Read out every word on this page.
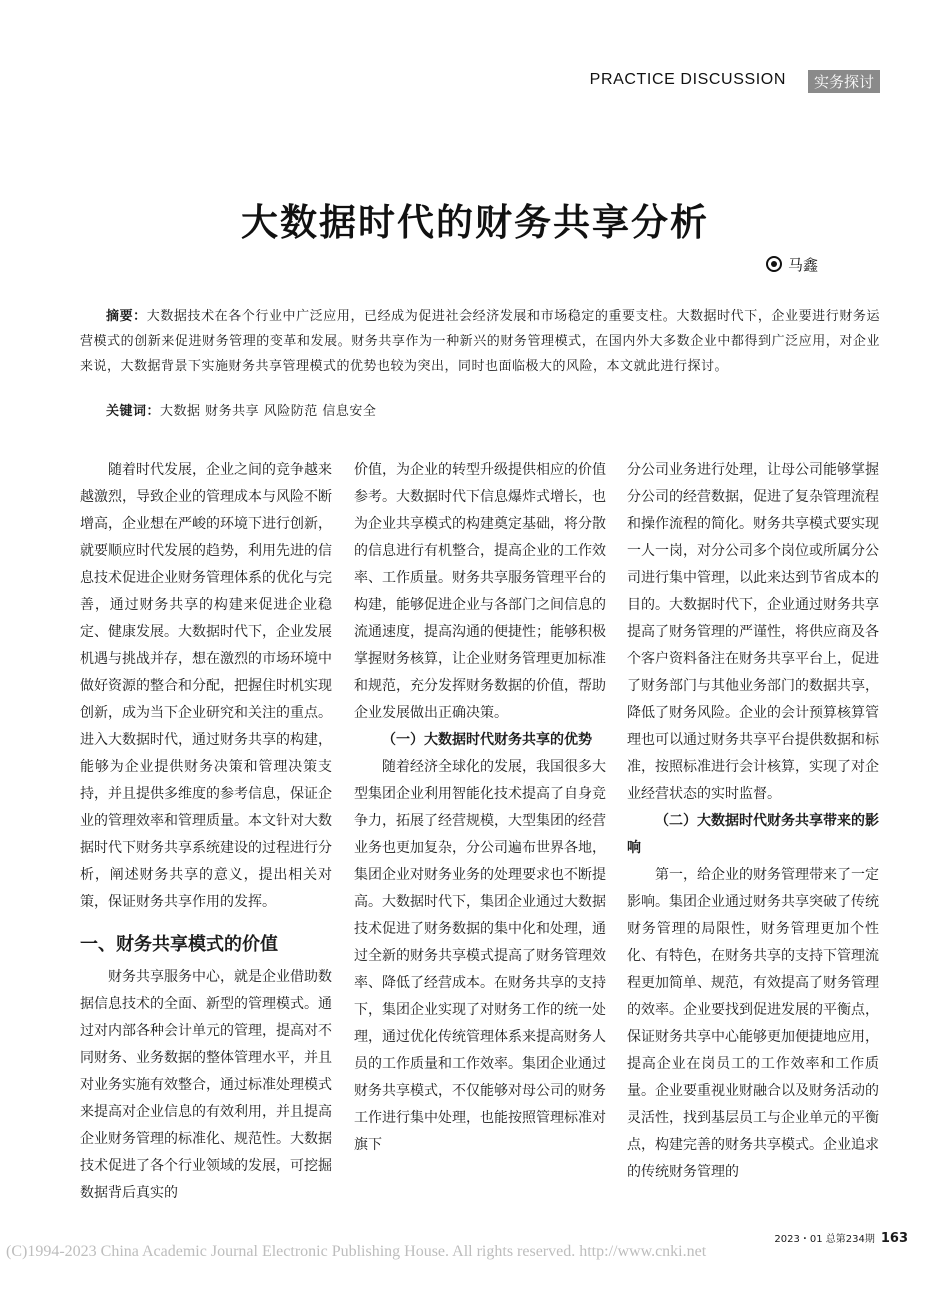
PRACTICE DISCUSSION	实务探讨
大数据时代的财务共享分析
马鑫
摘要：大数据技术在各个行业中广泛应用，已经成为促进社会经济发展和市场稳定的重要支柱。大数据时代下，企业要进行财务运营模式的创新来促进财务管理的变革和发展。财务共享作为一种新兴的财务管理模式，在国内外大多数企业中都得到广泛应用，对企业来说，大数据背景下实施财务共享管理模式的优势也较为突出，同时也面临极大的风险，本文就此进行探讨。
关键词：大数据 财务共享 风险防范 信息安全

随着时代发展，企业之间的竞争越来越激烈，导致企业的管理成本与风险不断增高，企业想在严峻的环境下进行创新，就要顺应时代发展的趋势，利用先进的信息技术促进企业财务管理体系的优化与完善，通过财务共享的构建来促进企业稳定、健康发展。大数据时代下，企业发展机遇与挑战并存，想在激烈的市场环境中做好资源的整合和分配，把握住时机实现创新，成为当下企业研究和关注的重点。进入大数据时代，通过财务共享的构建，能够为企业提供财务决策和管理决策支持，并且提供多维度的参考信息，保证企业的管理效率和管理质量。本文针对大数据时代下财务共享系统建设的过程进行分析，阐述财务共享的意义，提出相关对策，保证财务共享作用的发挥。

一、财务共享模式的价值

财务共享服务中心，就是企业借助数据信息技术的全面、新型的管理模式。通过对内部各种会计单元的管理，提高对不同财务、业务数据的整体管理水平，并且对业务实施有效整合，通过标准处理模式来提高对企业信息的有效利用，并且提高企业财务管理的标准化、规范性。大数据技术促进了各个行业领域的发展，可挖掘数据背后真实的

价值，为企业的转型升级提供相应的价值参考。大数据时代下信息爆炸式增长，也为企业共享模式的构建奠定基础，将分散的信息进行有机整合，提高企业的工作效率、工作质量。财务共享服务管理平台的构建，能够促进企业与各部门之间信息的流通速度，提高沟通的便捷性；能够积极掌握财务核算，让企业财务管理更加标准和规范，充分发挥财务数据的价值，帮助企业发展做出正确决策。

（一）大数据时代财务共享的优势

随着经济全球化的发展，我国很多大型集团企业利用智能化技术提高了自身竞争力，拓展了经营规模，大型集团的经营业务也更加复杂，分公司遍布世界各地，集团企业对财务业务的处理要求也不断提高。大数据时代下，集团企业通过大数据技术促进了财务数据的集中化和处理，通过全新的财务共享模式提高了财务管理效率、降低了经营成本。在财务共享的支持下，集团企业实现了对财务工作的统一处理，通过优化传统管理体系来提高财务人员的工作质量和工作效率。集团企业通过财务共享模式，不仅能够对母公司的财务工作进行集中处理，也能按照管理标准对旗下

分公司业务进行处理，让母公司能够掌握分公司的经营数据，促进了复杂管理流程和操作流程的简化。财务共享模式要实现一人一岗，对分公司多个岗位或所属分公司进行集中管理，以此来达到节省成本的目的。大数据时代下，企业通过财务共享提高了财务管理的严谨性，将供应商及各个客户资料备注在财务共享平台上，促进了财务部门与其他业务部门的数据共享，降低了财务风险。企业的会计预算核算管理也可以通过财务共享平台提供数据和标准，按照标准进行会计核算，实现了对企业经营状态的实时监督。

（二）大数据时代财务共享带来的影响

第一，给企业的财务管理带来了一定影响。集团企业通过财务共享突破了传统财务管理的局限性，财务管理更加个性化、有特色，在财务共享的支持下管理流程更加简单、规范，有效提高了财务管理的效率。企业要找到促进发展的平衡点，保证财务共享中心能够更加便捷地应用，提高企业在岗员工的工作效率和工作质量。企业要重视业财融合以及财务活动的灵活性，找到基层员工与企业单元的平衡点，构建完善的财务共享模式。企业追求的传统财务管理的

2023・01 总第234期 163
(C)1994-2023 China Academic Journal Electronic Publishing House. All rights reserved. http://www.cnki.net
